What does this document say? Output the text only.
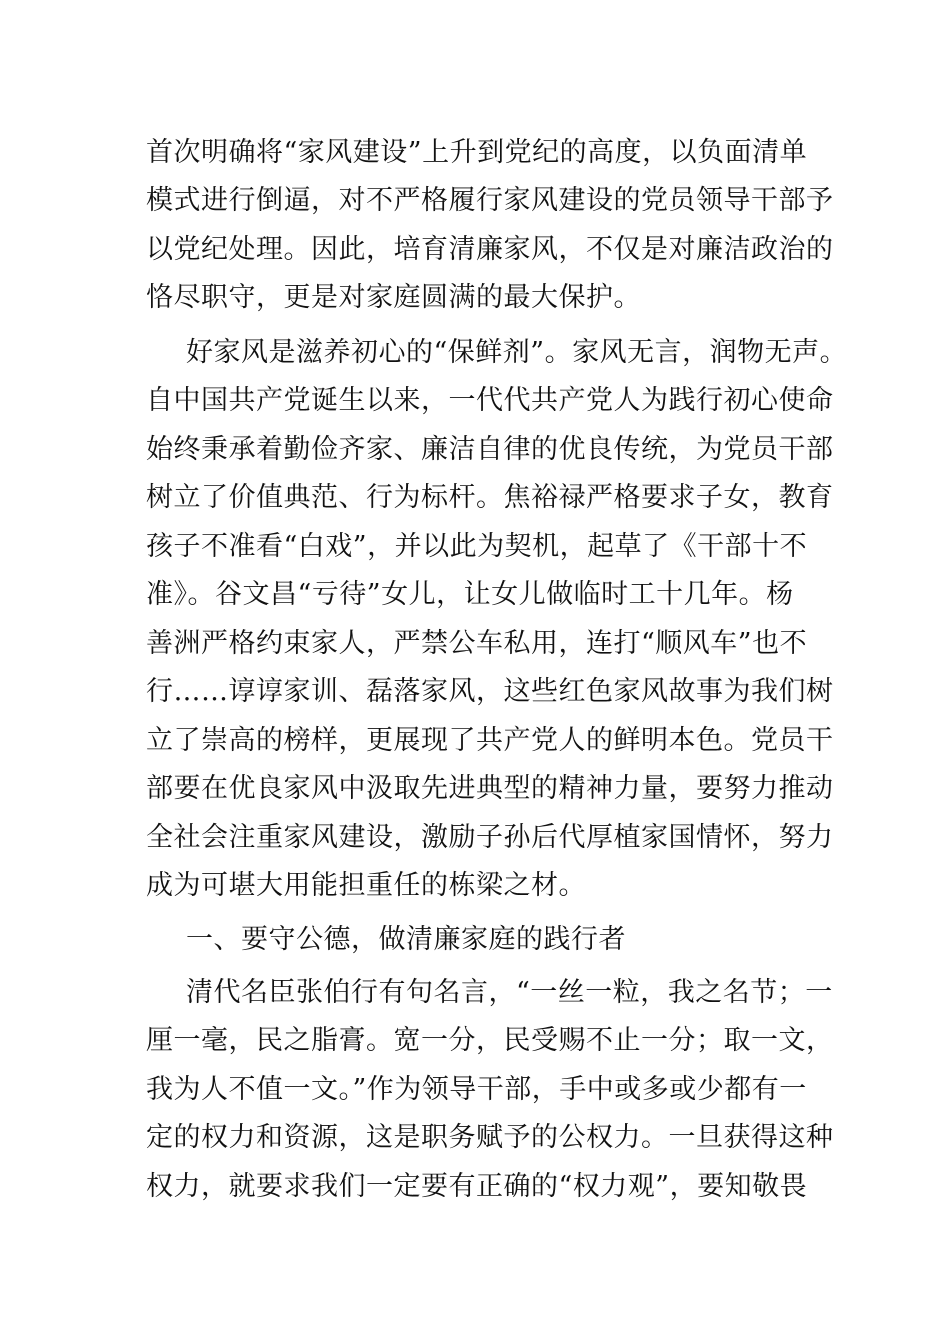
首次明确将“家风建设”上升到党纪的高度，以负面清单
模式进行倒逼，对不严格履行家风建设的党员领导干部予
以党纪处理。因此，培育清廉家风，不仅是对廉洁政治的
恪尽职守，更是对家庭圆满的最大保护。
好家风是滋养初心的“保鲜剂”。家风无言，润物无声。
自中国共产党诞生以来，一代代共产党人为践行初心使命
始终秉承着勤俭齐家、廉洁自律的优良传统，为党员干部
树立了价值典范、行为标杆。焦裕禄严格要求子女，教育
孩子不准看“白戏”，并以此为契机，起草了《干部十不
准》。谷文昌“亏待”女儿，让女儿做临时工十几年。杨
善洲严格约束家人，严禁公车私用，连打“顺风车”也不
行……谆谆家训、磊落家风，这些红色家风故事为我们树
立了崇高的榜样，更展现了共产党人的鲜明本色。党员干
部要在优良家风中汲取先进典型的精神力量，要努力推动
全社会注重家风建设，激励子孙后代厚植家国情怀，努力
成为可堪大用能担重任的栋梁之材。
一、要守公德，做清廉家庭的践行者
清代名臣张伯行有句名言，“一丝一粒，我之名节；一
厘一毫，民之脂膏。宽一分，民受赐不止一分；取一文，
我为人不值一文。”作为领导干部，手中或多或少都有一
定的权力和资源，这是职务赋予的公权力。一旦获得这种
权力，就要求我们一定要有正确的“权力观”，要知敬畏
